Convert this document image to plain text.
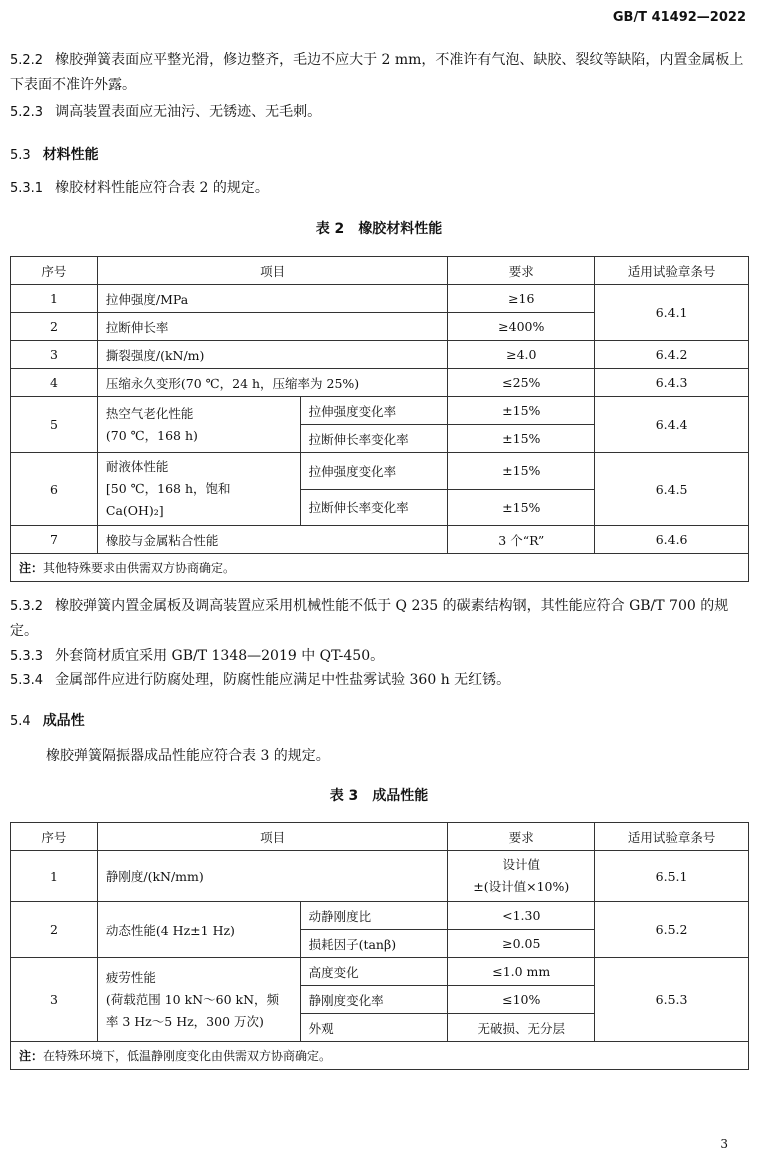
GB/T 41492—2022
5.2.2 橡胶弹簧表面应平整光滑，修边整齐，毛边不应大于 2 mm，不准许有气泡、缺胶、裂纹等缺陷，内置金属板上下表面不准许外露。
5.2.3 调高装置表面应无油污、无锈迹、无毛刺。
5.3 材料性能
5.3.1 橡胶材料性能应符合表 2 的规定。
表 2 橡胶材料性能
序号	项目		要求	适用试验章条号
1	拉伸强度/MPa		≥16	6.4.1
2	拉断伸长率		≥400%	
3	撕裂强度/(kN/m)		≥4.0	6.4.2
4	压缩永久变形(70 ℃，24 h，压缩率为 25%)		≤25%	6.4.3
5	热空气老化性能
(70 ℃，168 h)	拉伸强度变化率	±15%	6.4.4
		拉断伸长率变化率	±15%	
6	耐液体性能
[50 ℃，168 h，饱和 Ca(OH)₂]	拉伸强度变化率	±15%	6.4.5
		拉断伸长率变化率	±15%	
7	橡胶与金属粘合性能		3 个“R”	6.4.6
注：其他特殊要求由供需双方协商确定。				
5.3.2 橡胶弹簧内置金属板及调高装置应采用机械性能不低于 Q 235 的碳素结构钢，其性能应符合 GB/T 700 的规定。
5.3.3 外套筒材质宜采用 GB/T 1348—2019 中 QT-450。
5.3.4 金属部件应进行防腐处理，防腐性能应满足中性盐雾试验 360 h 无红锈。
5.4 成品性
橡胶弹簧隔振器成品性能应符合表 3 的规定。
表 3 成品性能
序号	项目		要求	适用试验章条号
1	静刚度/(kN/mm)		设计值
±(设计值×10%)	6.5.1
2	动态性能(4 Hz±1 Hz)	动静刚度比	<1.30	6.5.2
		损耗因子(tanβ)	≥0.05	
3	疲劳性能
(荷载范围 10 kN～60 kN，频
率 3 Hz～5 Hz，300 万次)	高度变化	≤1.0 mm	6.5.3
		静刚度变化率	≤10%	
		外观	无破损、无分层	
注：在特殊环境下，低温静刚度变化由供需双方协商确定。				
3
